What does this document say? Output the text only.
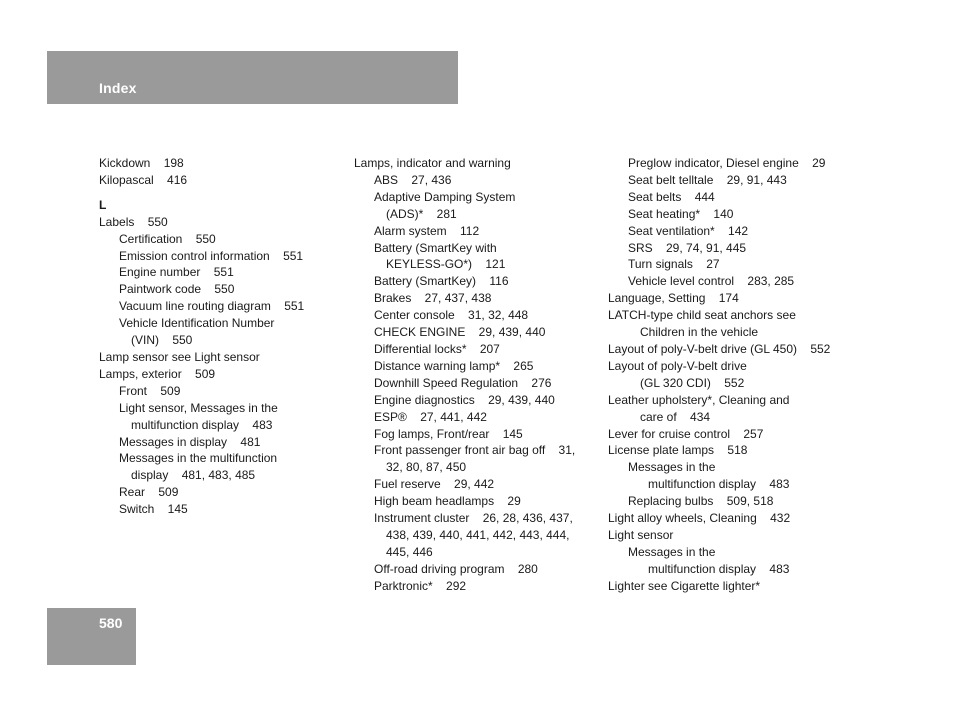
Index
Kickdown    198
Kilopascal    416
L
Labels    550
Certification    550
Emission control information    551
Engine number    551
Paintwork code    550
Vacuum line routing diagram    551
Vehicle Identification Number
(VIN)    550
Lamp sensor see Light sensor
Lamps, exterior    509
Front    509
Light sensor, Messages in the
multifunction display    483
Messages in display    481
Messages in the multifunction
display    481, 483, 485
Rear    509
Switch    145
Lamps, indicator and warning
ABS    27, 436
Adaptive Damping System
(ADS)*    281
Alarm system    112
Battery (SmartKey with
KEYLESS-GO*)    121
Battery (SmartKey)    116
Brakes    27, 437, 438
Center console    31, 32, 448
CHECK ENGINE    29, 439, 440
Differential locks*    207
Distance warning lamp*    265
Downhill Speed Regulation    276
Engine diagnostics    29, 439, 440
ESP®    27, 441, 442
Fog lamps, Front/rear    145
Front passenger front air bag off    31,
32, 80, 87, 450
Fuel reserve    29, 442
High beam headlamps    29
Instrument cluster    26, 28, 436, 437,
438, 439, 440, 441, 442, 443, 444,
445, 446
Off-road driving program    280
Parktronic*    292
Preglow indicator, Diesel engine    29
Seat belt telltale    29, 91, 443
Seat belts    444
Seat heating*    140
Seat ventilation*    142
SRS    29, 74, 91, 445
Turn signals    27
Vehicle level control    283, 285
Language, Setting    174
LATCH-type child seat anchors see
Children in the vehicle
Layout of poly-V-belt drive (GL 450)    552
Layout of poly-V-belt drive
(GL 320 CDI)    552
Leather upholstery*, Cleaning and
care of    434
Lever for cruise control    257
License plate lamps    518
Messages in the
multifunction display    483
Replacing bulbs    509, 518
Light alloy wheels, Cleaning    432
Light sensor
Messages in the
multifunction display    483
Lighter see Cigarette lighter*
580
